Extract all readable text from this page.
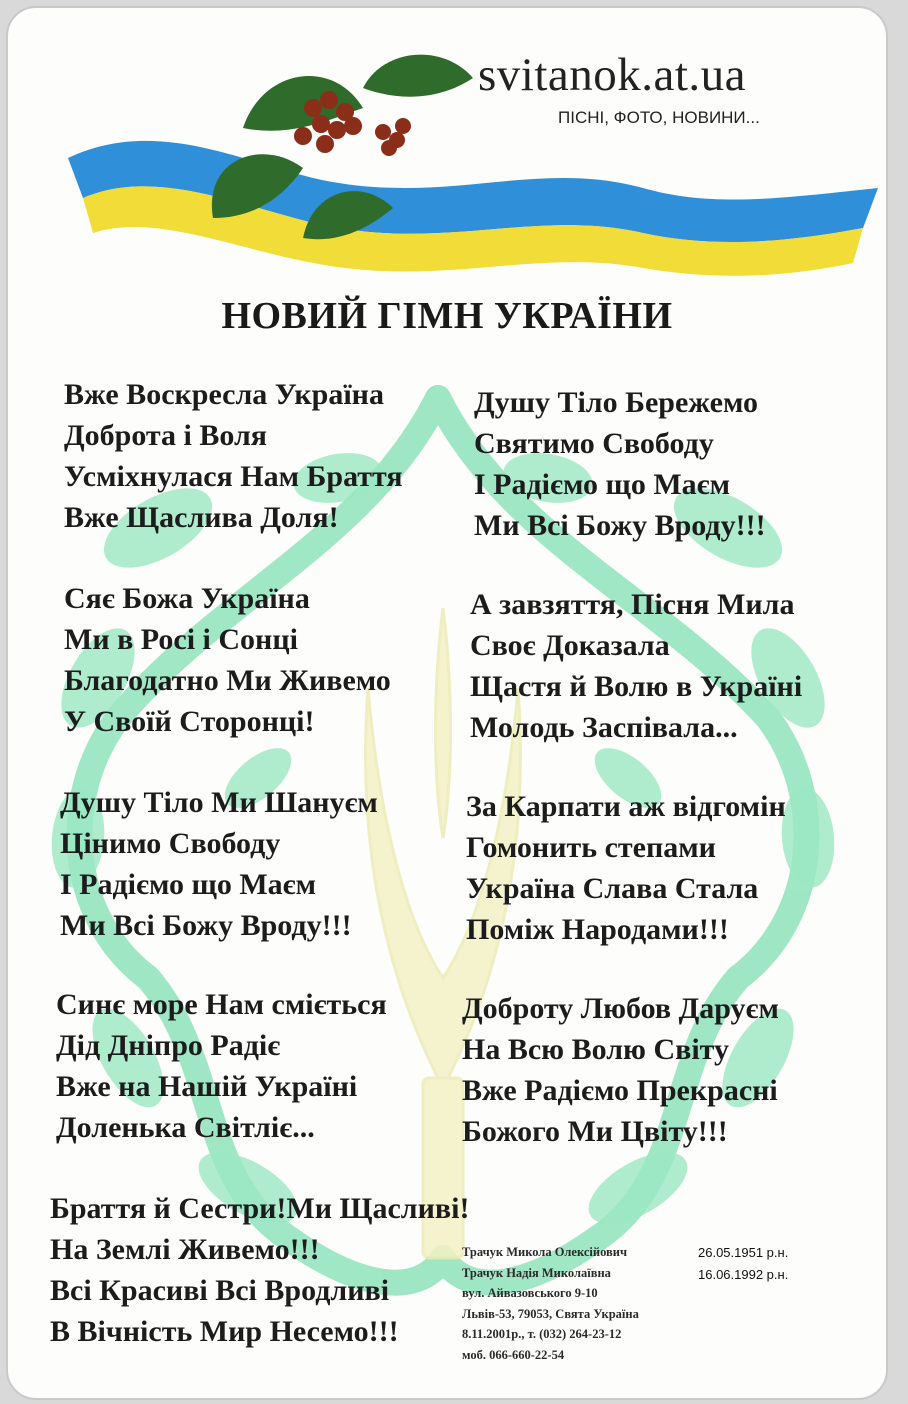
svitanok.at.ua
ПІСНІ, ФОТО, НОВИНИ...
НОВИЙ ГІМН УКРАЇНИ
Вже Воскресла Україна
Доброта і Воля
Усміхнулася Нам Браття
Вже Щаслива Доля!
Сяє Божа Україна
Ми в Росі і Сонці
Благодатно Ми Живемо
У Своїй Сторонці!
Душу Тіло Ми Шануєм
Цінимо Свободу
І Радіємо що Маєм
Ми Всі Божу Вроду!!!
Синє море Нам сміється
Дід Дніпро Радіє
Вже на Нашій Україні
Доленька Світліє...
Душу Тіло Бережемо
Святимо Свободу
І Радіємо що Маєм
Ми Всі Божу Вроду!!!
А завзяття, Пісня Мила
Своє Доказала
Щастя й Волю в Україні
Молодь Заспівала...
За Карпати аж відгомін
Гомонить степами
Україна Слава Стала
Поміж Народами!!!
Доброту Любов Даруєм
На Всю Волю Світу
Вже Радіємо Прекрасні
Божого Ми Цвіту!!!
Браття й Сестри!Ми Щасливі!
На Землі Живемо!!!
Всі Красиві Всі Вродливі
В Вічність Мир Несемо!!!
Трачук Микола Олексійович
Трачук Надія Миколаївна
вул. Айвазовського 9-10
Львів-53, 79053, Свята Україна
8.11.2001р., т. (032) 264-23-12
моб. 066-660-22-54
26.05.1951 р.н.
16.06.1992 р.н.
